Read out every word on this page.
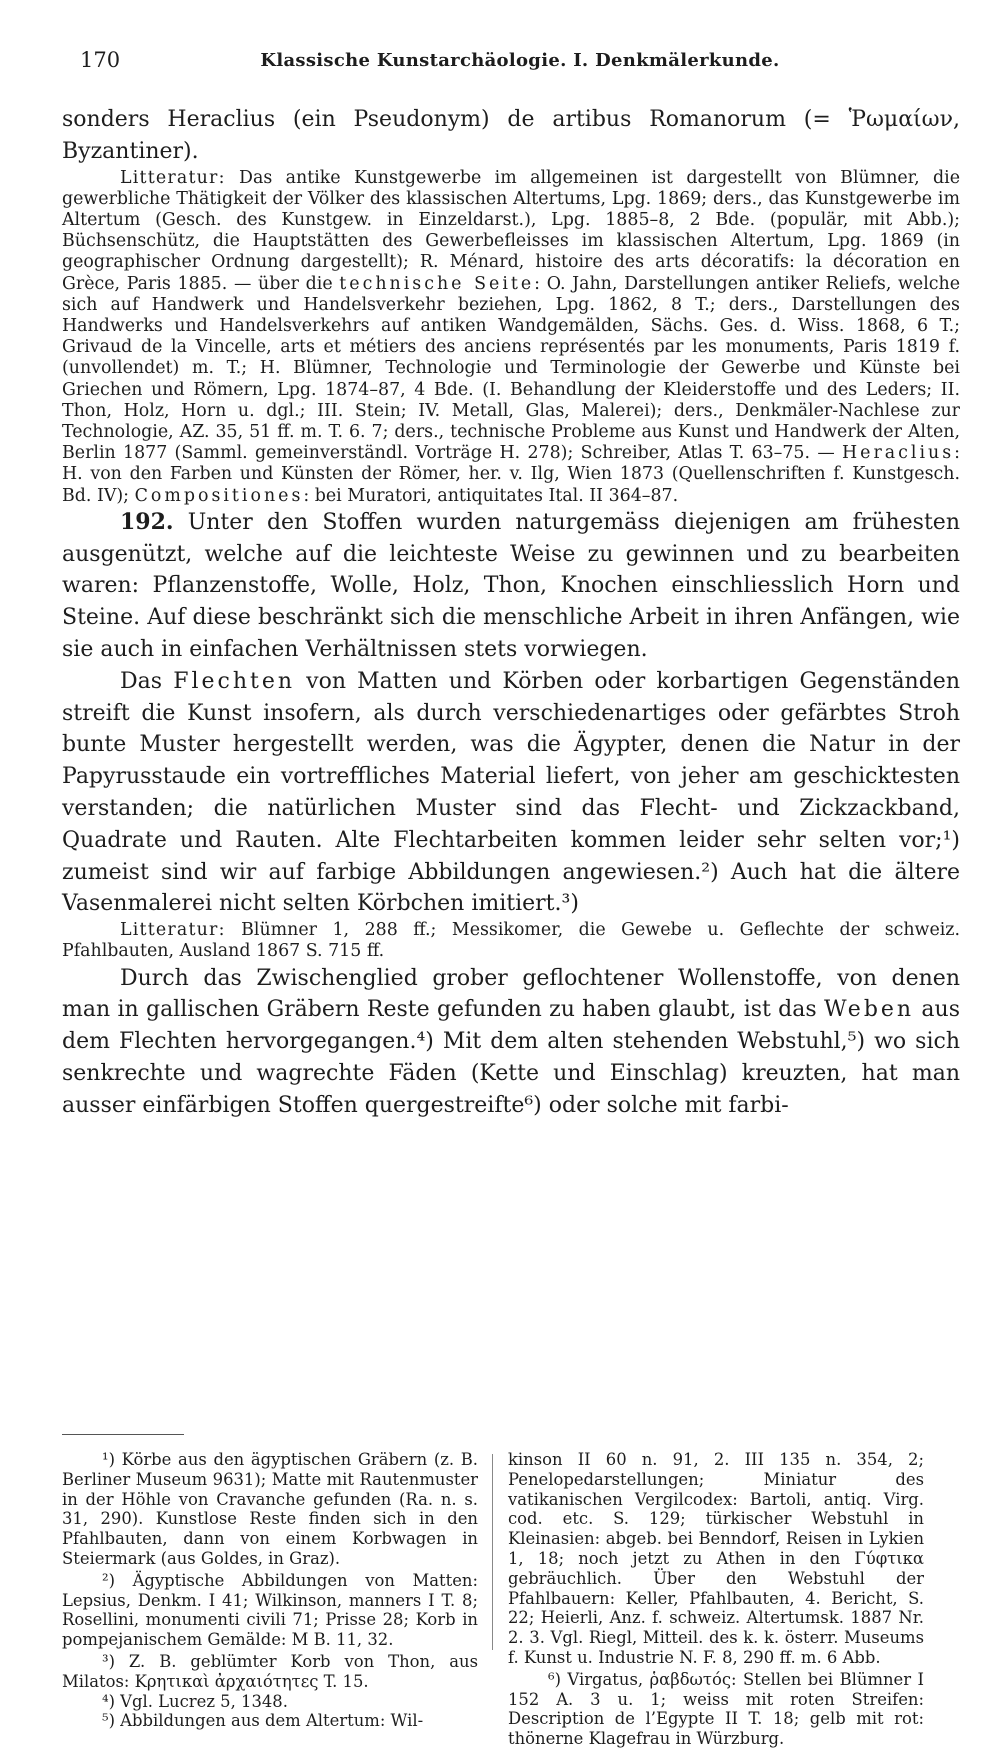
170	Klassische Kunstarchäologie. I. Denkmälerkunde.

sonders Heraclius (ein Pseudonym) de artibus Romanorum (= Ῥωμαίων, Byzantiner).

Litteratur: Das antike Kunstgewerbe im allgemeinen ist dargestellt von Blümner, die gewerbliche Thätigkeit der Völker des klassischen Altertums, Lpg. 1869; ders., das Kunstgewerbe im Altertum (Gesch. des Kunstgew. in Einzeldarst.), Lpg. 1885–8, 2 Bde. (populär, mit Abb.); Büchsenschütz, die Hauptstätten des Gewerbefleisses im klassischen Altertum, Lpg. 1869 (in geographischer Ordnung dargestellt); R. Ménard, histoire des arts décoratifs: la décoration en Grèce, Paris 1885. — über die technische Seite: O. Jahn, Darstellungen antiker Reliefs, welche sich auf Handwerk und Handelsverkehr beziehen, Lpg. 1862, 8 T.; ders., Darstellungen des Handwerks und Handelsverkehrs auf antiken Wandgemälden, Sächs. Ges. d. Wiss. 1868, 6 T.; Grivaud de la Vincelle, arts et métiers des anciens représentés par les monuments, Paris 1819 f. (unvollendet) m. T.; H. Blümner, Technologie und Terminologie der Gewerbe und Künste bei Griechen und Römern, Lpg. 1874–87, 4 Bde. (I. Behandlung der Kleiderstoffe und des Leders; II. Thon, Holz, Horn u. dgl.; III. Stein; IV. Metall, Glas, Malerei); ders., Denkmäler-Nachlese zur Technologie, AZ. 35, 51 ff. m. T. 6. 7; ders., technische Probleme aus Kunst und Handwerk der Alten, Berlin 1877 (Samml. gemeinverständl. Vorträge H. 278); Schreiber, Atlas T. 63–75. — Heraclius: H. von den Farben und Künsten der Römer, her. v. Ilg, Wien 1873 (Quellenschriften f. Kunstgesch. Bd. IV); Compositiones: bei Muratori, antiquitates Ital. II 364–87.

192. Unter den Stoffen wurden naturgemäss diejenigen am frühesten ausgenützt, welche auf die leichteste Weise zu gewinnen und zu bearbeiten waren: Pflanzenstoffe, Wolle, Holz, Thon, Knochen einschliesslich Horn und Steine. Auf diese beschränkt sich die menschliche Arbeit in ihren Anfängen, wie sie auch in einfachen Verhältnissen stets vorwiegen.

Das Flechten von Matten und Körben oder korbartigen Gegenständen streift die Kunst insofern, als durch verschiedenartiges oder gefärbtes Stroh bunte Muster hergestellt werden, was die Ägypter, denen die Natur in der Papyrusstaude ein vortreffliches Material liefert, von jeher am geschicktesten verstanden; die natürlichen Muster sind das Flecht- und Zickzackband, Quadrate und Rauten. Alte Flechtarbeiten kommen leider sehr selten vor;¹) zumeist sind wir auf farbige Abbildungen angewiesen.²) Auch hat die ältere Vasenmalerei nicht selten Körbchen imitiert.³)

Litteratur: Blümner 1, 288 ff.; Messikomer, die Gewebe u. Geflechte der schweiz. Pfahlbauten, Ausland 1867 S. 715 ff.

Durch das Zwischenglied grober geflochtener Wollenstoffe, von denen man in gallischen Gräbern Reste gefunden zu haben glaubt, ist das Weben aus dem Flechten hervorgegangen.⁴) Mit dem alten stehenden Webstuhl,⁵) wo sich senkrechte und wagrechte Fäden (Kette und Einschlag) kreuzten, hat man ausser einfärbigen Stoffen quergestreifte⁶) oder solche mit farbi-

¹) Körbe aus den ägyptischen Gräbern (z. B. Berliner Museum 9631); Matte mit Rautenmuster in der Höhle von Cravanche gefunden (Ra. n. s. 31, 290). Kunstlose Reste finden sich in den Pfahlbauten, dann von einem Korbwagen in Steiermark (aus Goldes, in Graz).

²) Ägyptische Abbildungen von Matten: Lepsius, Denkm. I 41; Wilkinson, manners I T. 8; Rosellini, monumenti civili 71; Prisse 28; Korb in pompejanischem Gemälde: M B. 11, 32.

³) Z. B. geblümter Korb von Thon, aus Milatos: Κρητικαὶ ἀρχαιότητες T. 15.

⁴) Vgl. Lucrez 5, 1348.

⁵) Abbildungen aus dem Altertum: Wil-

kinson II 60 n. 91, 2. III 135 n. 354, 2; Penelopedarstellungen; Miniatur des vatikanischen Vergilcodex: Bartoli, antiq. Virg. cod. etc. S. 129; türkischer Webstuhl in Kleinasien: abgeb. bei Benndorf, Reisen in Lykien 1, 18; noch jetzt zu Athen in den Γύφτικα gebräuchlich. Über den Webstuhl der Pfahlbauern: Keller, Pfahlbauten, 4. Bericht, S. 22; Heierli, Anz. f. schweiz. Altertumsk. 1887 Nr. 2. 3. Vgl. Riegl, Mitteil. des k. k. österr. Museums f. Kunst u. Industrie N. F. 8, 290 ff. m. 6 Abb.

⁶) Virgatus, ῥαβδωτός: Stellen bei Blümner I 152 A. 3 u. 1; weiss mit roten Streifen: Description de l’Egypte II T. 18; gelb mit rot: thönerne Klagefrau in Würzburg.
